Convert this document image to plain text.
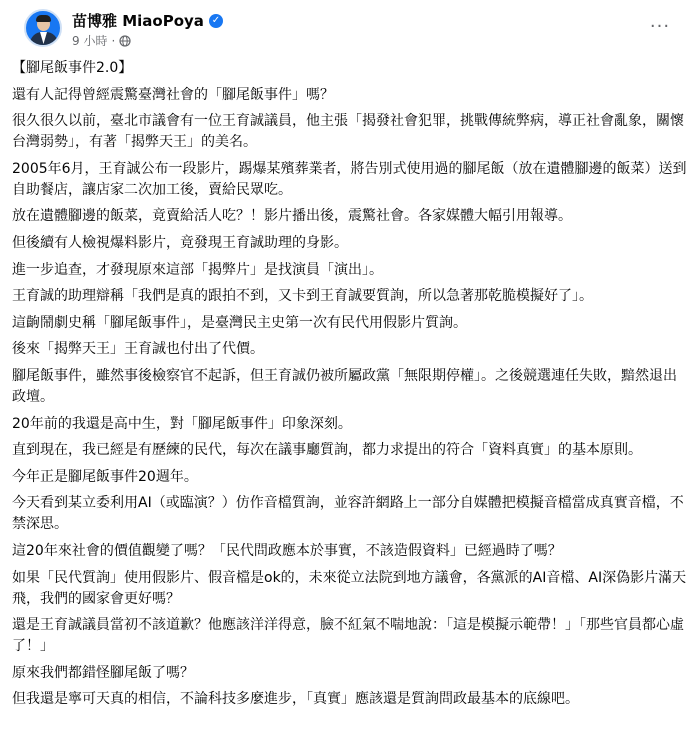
苗博雅 MiaoPoya ✓
9 小時 ·
···

【腳尾飯事件2.0】

還有人記得曾經震驚臺灣社會的「腳尾飯事件」嗎？

很久很久以前，臺北市議會有一位王育誠議員，他主張「揭發社會犯罪，挑戰傳統弊病，導正社會亂象，關懷台灣弱勢」，有著「揭弊天王」的美名。

2005年6月，王育誠公布一段影片，踢爆某殯葬業者，將告別式使用過的腳尾飯（放在遺體腳邊的飯菜）送到自助餐店，讓店家二次加工後，賣給民眾吃。

放在遺體腳邊的飯菜，竟賣給活人吃？！影片播出後，震驚社會。各家媒體大幅引用報導。

但後續有人檢視爆料影片，竟發現王育誠助理的身影。

進一步追查，才發現原來這部「揭弊片」是找演員「演出」。

王育誠的助理辯稱「我們是真的跟拍不到，又卡到王育誠要質詢，所以急著那乾脆模擬好了」。

這齣鬧劇史稱「腳尾飯事件」，是臺灣民主史第一次有民代用假影片質詢。

後來「揭弊天王」王育誠也付出了代價。

腳尾飯事件，雖然事後檢察官不起訴，但王育誠仍被所屬政黨「無限期停權」。之後競選連任失敗，黯然退出政壇。

20年前的我還是高中生，對「腳尾飯事件」印象深刻。

直到現在，我已經是有歷練的民代，每次在議事廳質詢，都力求提出的符合「資料真實」的基本原則。

今年正是腳尾飯事件20週年。

今天看到某立委利用AI（或臨演？）仿作音檔質詢，並容許網路上一部分自媒體把模擬音檔當成真實音檔，不禁深思。

這20年來社會的價值觀變了嗎？「民代問政應本於事實，不該造假資料」已經過時了嗎？

如果「民代質詢」使用假影片、假音檔是ok的，未來從立法院到地方議會，各黨派的AI音檔、AI深偽影片滿天飛，我們的國家會更好嗎？

還是王育誠議員當初不該道歉？他應該洋洋得意，臉不紅氣不喘地說：「這是模擬示範帶！」「那些官員都心虛了！」

原來我們都錯怪腳尾飯了嗎？

但我還是寧可天真的相信，不論科技多麼進步，「真實」應該還是質詢問政最基本的底線吧。
